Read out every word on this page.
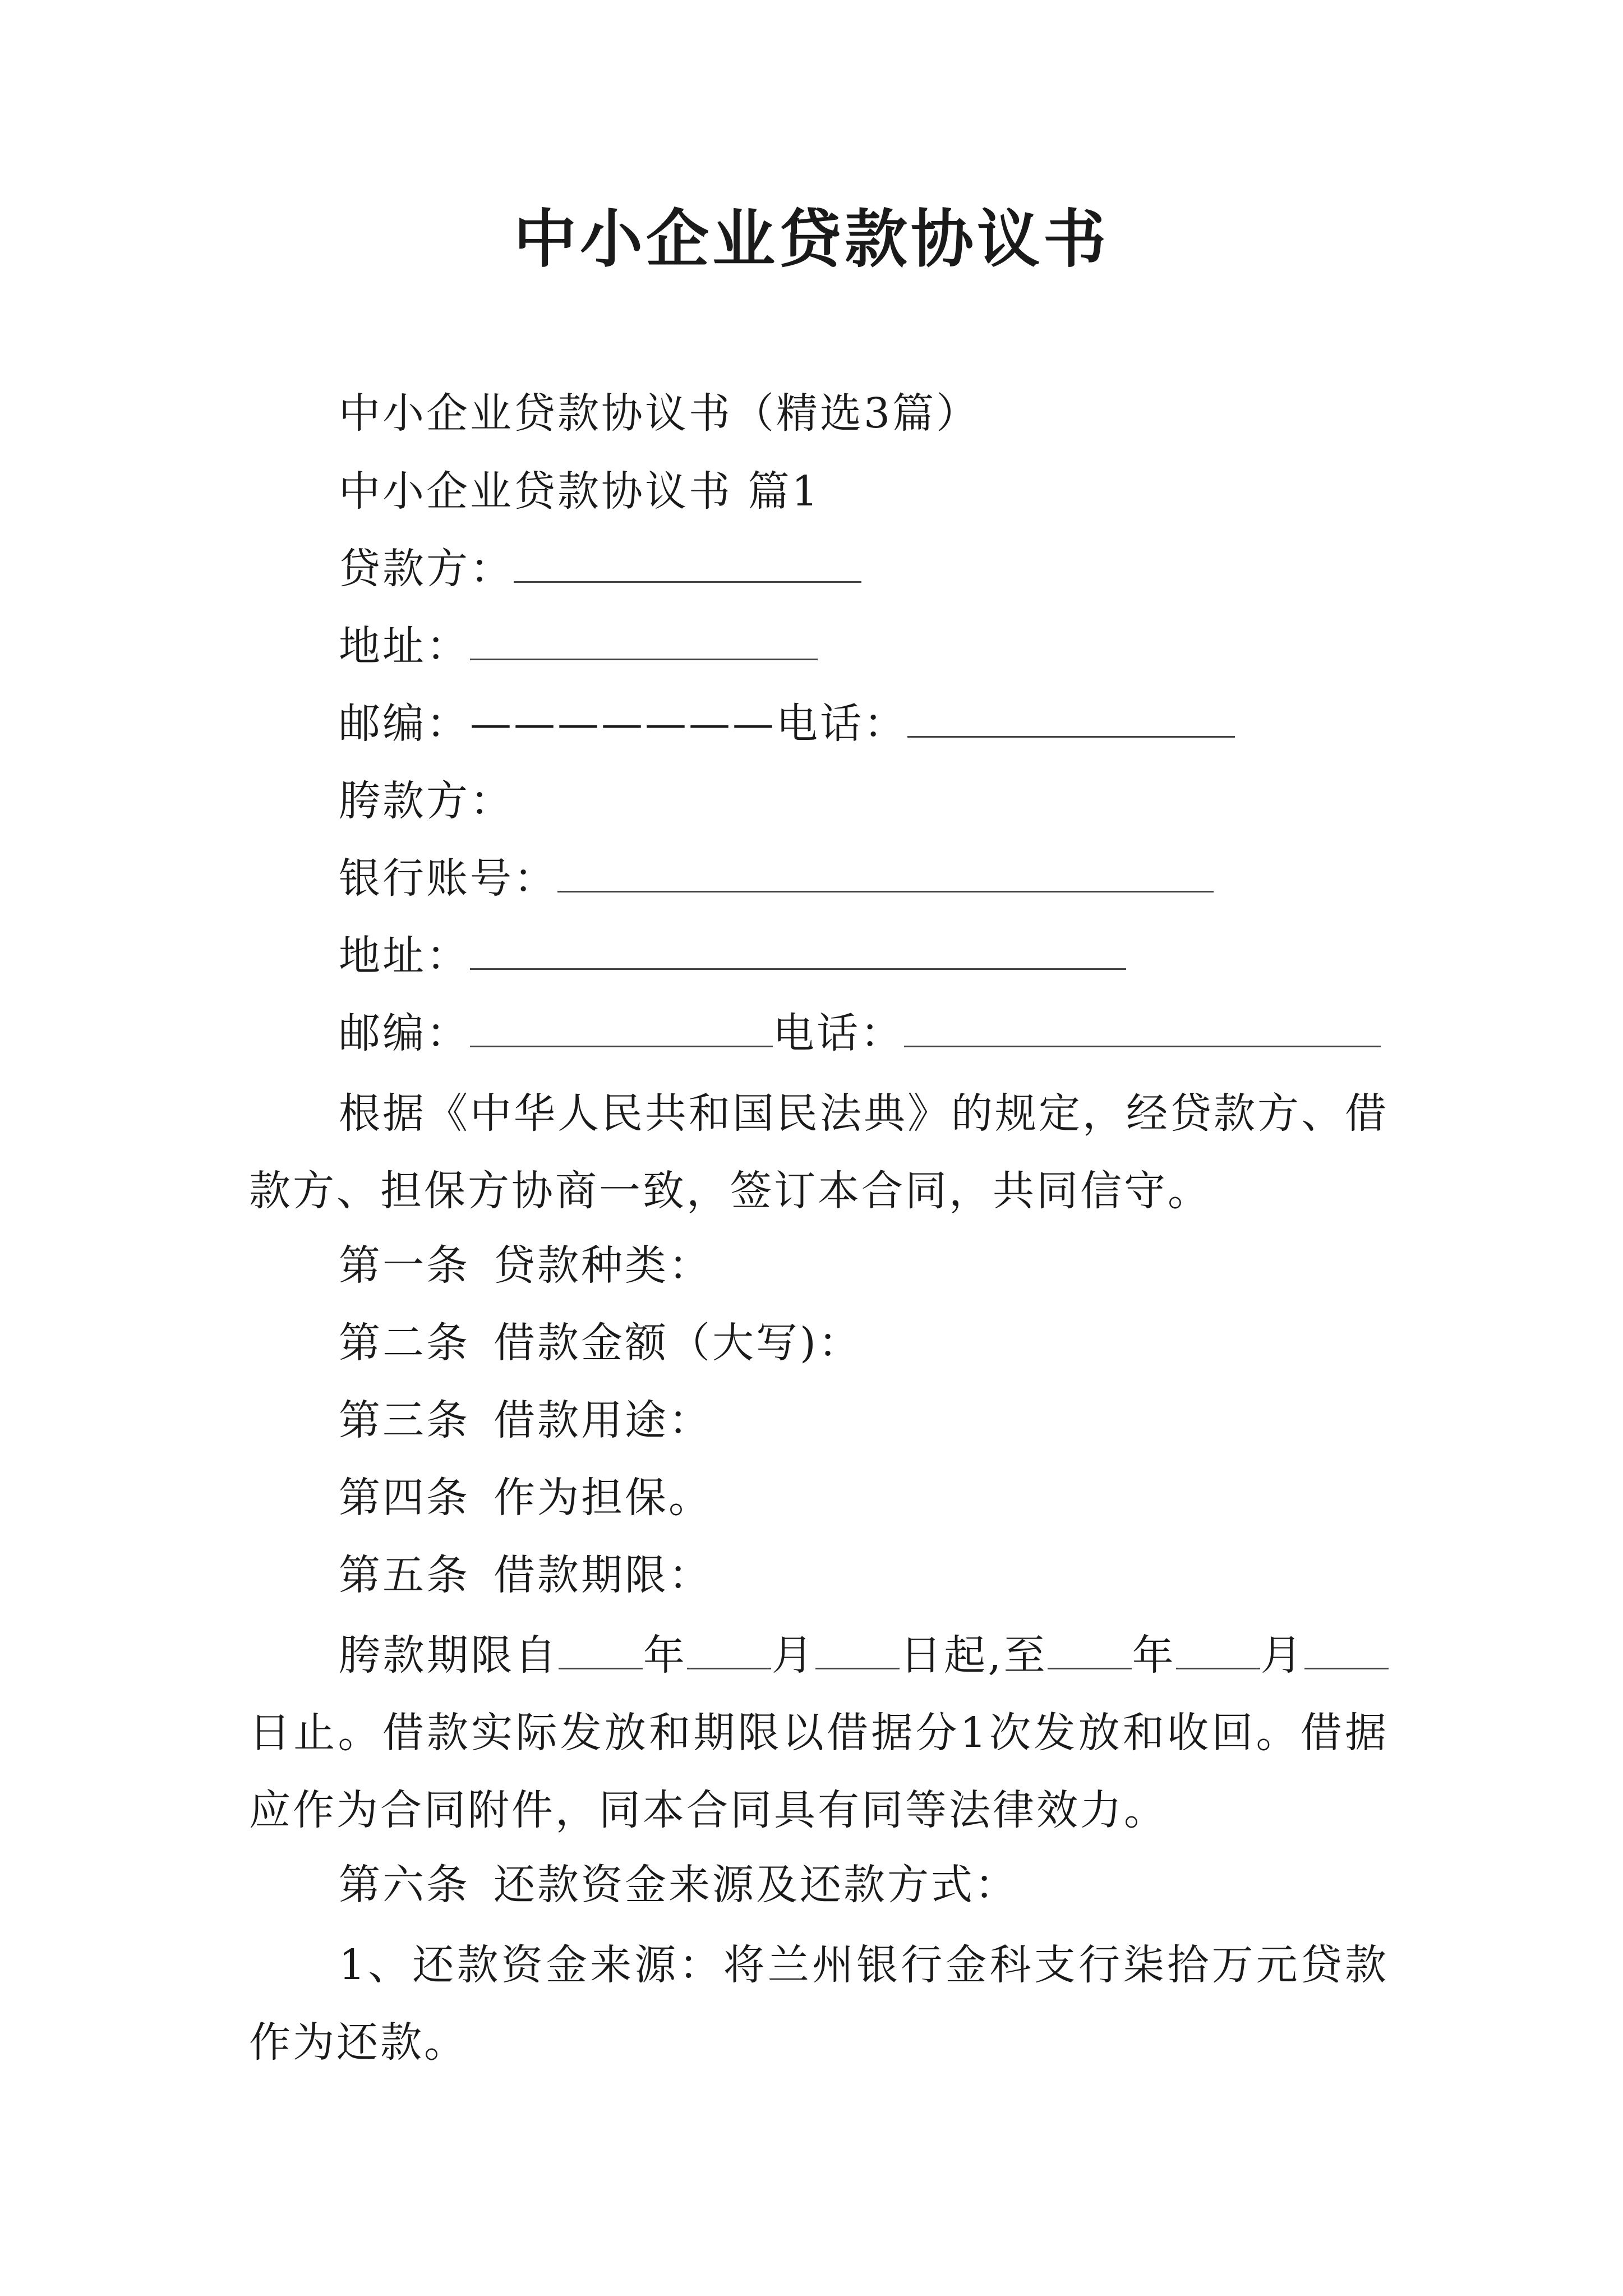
中小企业贷款协议书
中小企业贷款协议书（精选3篇）
中小企业贷款协议书 篇1
贷款方：
地址：
邮编：———————电话：
胯款方：
银行账号：
地址：
邮编：	电话：
根据《中华人民共和国民法典》的规定，经贷款方、借款方、担保方协商一致，签订本合同，共同信守。
第一条 贷款种类：
第二条 借款金额（大写)：
第三条 借款用途：
第四条 作为担保。
第五条 借款期限：
胯款期限自 年 月 日起,至 年 月日止。借款实际发放和期限以借据分1次发放和收回。借据应作为合同附件，同本合同具有同等法律效力。
第六条 还款资金来源及还款方式：
1、还款资金来源：将兰州银行金科支行柒拾万元贷款作为还款。
